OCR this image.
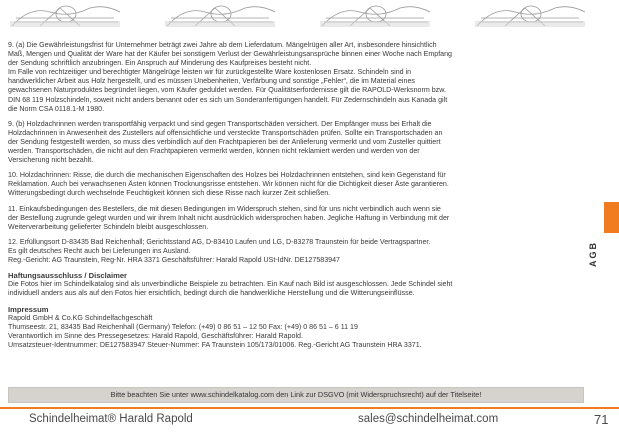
9. (a) Die Gewährleistungsfrist für Unternehmer beträgt zwei Jahre ab dem Lieferdatum. Mängelrügen aller Art, insbesondere hinsichtlich
Maß, Mengen und Qualität der Ware hat der Käufer bei sonstigem Verlust der Gewährleistungsansprüche binnen einer Woche nach Empfang
der Sendung schriftlich anzubringen. Ein Anspruch auf Minderung des Kaufpreises besteht nicht.
Im Falle von rechtzeitiger und berechtigter Mängelrüge leisten wir für zurückgestellte Ware kostenlosen Ersatz. Schindeln sind in
handwerklicher Arbeit aus Holz hergestellt, und es müssen Unebenheiten, Verfärbung und sonstige „Fehler“, die im Material eines
gewachsenen Naturproduktes begründet liegen, vom Käufer geduldet werden. Für Qualitätserfordernisse gilt die RAPOLD-Werksnorm bzw.
DIN 68 119 Holzschindeln, soweit nicht anders benannt oder es sich um Sonderanfertigungen handelt. Für Zedernschindeln aus Kanada gilt
die Norm CSA 0118.1-M 1980.

9. (b) Holzdachrinnen werden transportfähig verpackt und sind gegen Transportschäden versichert. Der Empfänger muss bei Erhalt die
Holzdachrinnen in Anwesenheit des Zustellers auf offensichtliche und versteckte Transportschäden prüfen. Sollte ein Transportschaden an
der Sendung festgestellt werden, so muss dies verbindlich auf den Frachtpapieren bei der Anlieferung vermerkt und vom Zusteller quittiert
werden. Transportschäden, die nicht auf den Frachtpapieren vermerkt werden, können nicht reklamiert werden und werden von der
Versicherung nicht bezahlt.

10. Holzdachrinnen: Risse, die durch die mechanischen Eigenschaften des Holzes bei Holzdachrinnen entstehen, sind kein Gegenstand für
Reklamation. Auch bei verwachsenen Ästen können Trocknungsrisse entstehen. Wir können nicht für die Dichtigkeit dieser Äste garantieren.
Witterungsbedingt durch wechselnde Feuchtigkeit können sich diese Risse nach kurzer Zeit schließen.

11. Einkaufsbedingungen des Bestellers, die mit diesen Bedingungen im Widerspruch stehen, sind für uns nicht verbindlich auch wenn sie
der Bestellung zugrunde gelegt wurden und wir ihrem Inhalt nicht ausdrücklich widersprochen haben. Jegliche Haftung in Verbindung mit der
Weiterverarbeitung gelieferter Schindeln bleibt ausgeschlossen.

12. Erfüllungsort D-83435 Bad Reichenhall; Gerichtsstand AG, D-83410 Laufen und LG, D-83278 Traunstein für beide Vertragspartner.
Es gilt deutsches Recht auch bei Lieferungen ins Ausland.
Reg.-Gericht: AG Traunstein, Reg-Nr. HRA 3371 Geschäftsführer: Harald Rapold USt-IdNr. DE127583947

Haftungsausschluss / Disclaimer

Die Fotos hier im Schindelkatalog sind als unverbindliche Beispiele zu betrachten. Ein Kauf nach Bild ist ausgeschlossen. Jede Schindel sieht
individuell anders aus als auf den Fotos hier ersichtlich, bedingt durch die handwerkliche Herstellung und die Witterungseinflüsse.

Impressum

Rapold GmbH & Co.KG Schindelfachgeschäft
Thumseestr. 21, 83435 Bad Reichenhall (Germany) Telefon: (+49) 0 86 51 – 12 50 Fax: (+49) 0 86 51 – 6 11 19
Verantwortlich im Sinne des Pressegesetzes: Harald Rapold, Geschäftsführer: Harald Rapold.
Umsatzsteuer-Identnummer: DE127583947 Steuer-Nummer: FA Traunstein 105/173/01006. Reg.-Gericht AG Traunstein HRA 3371.

Bitte beachten Sie unter www.schindelkatalog.com den Link zur DSGVO (mit Widerspruchsrecht) auf der Titelseite!
AGB
Schindelheimat® Harald Rapold	sales@schindelheimat.com	71
